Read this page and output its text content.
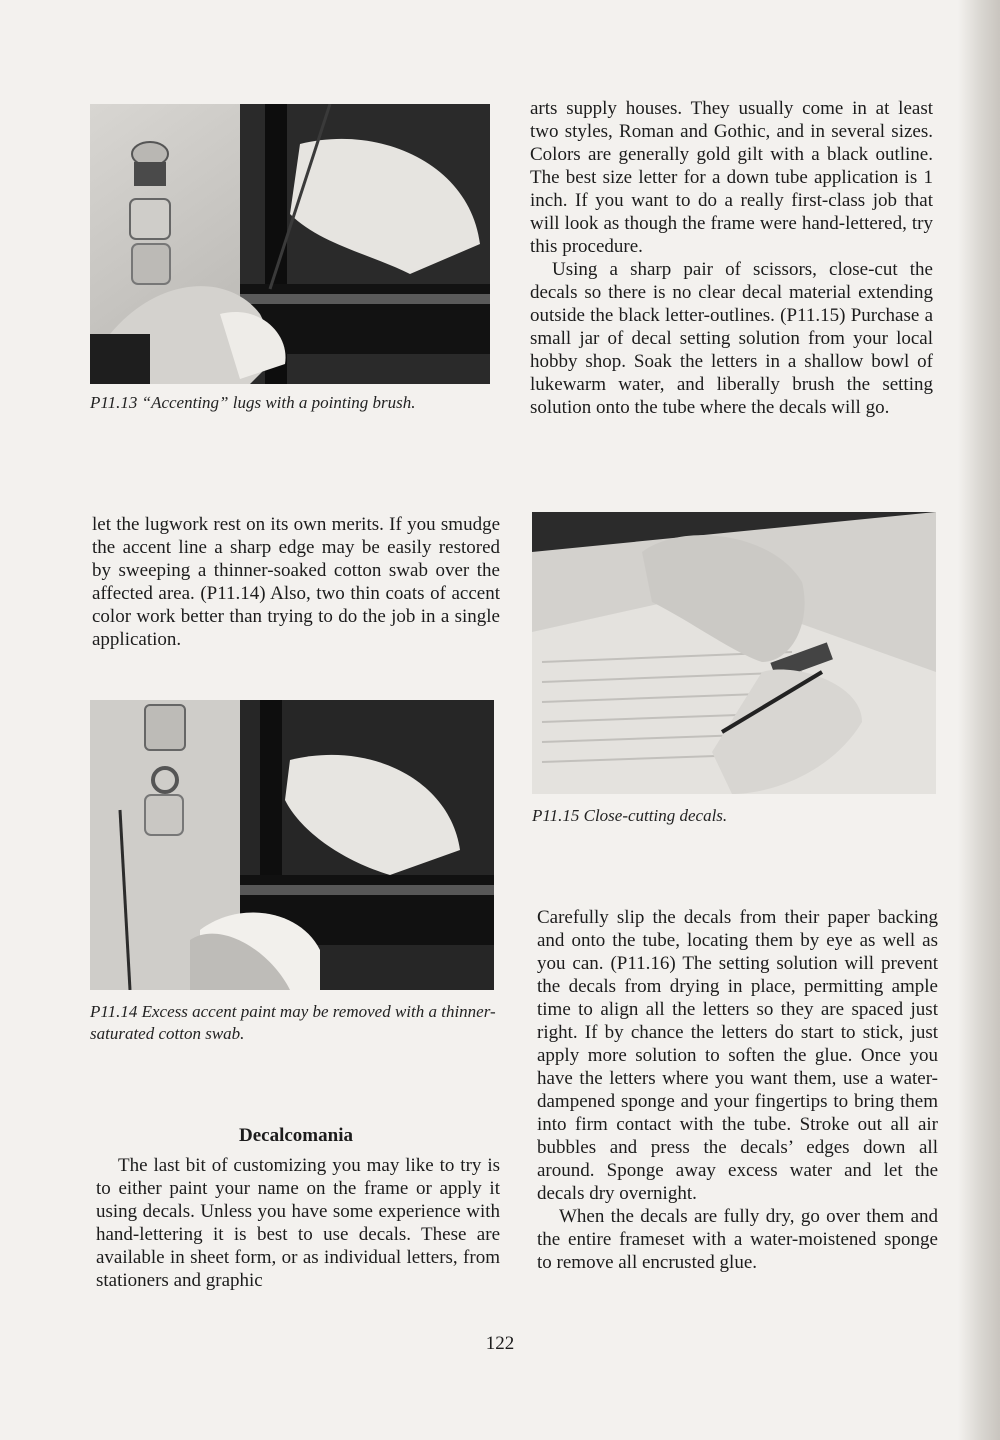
P11.13 “Accenting” lugs with a pointing brush.

arts supply houses. They usually come in at least two styles, Roman and Gothic, and in several sizes. Colors are generally gold gilt with a black outline. The best size letter for a down tube application is 1 inch. If you want to do a really first-class job that will look as though the frame were hand-lettered, try this procedure.

Using a sharp pair of scissors, close-cut the decals so there is no clear decal material extending outside the black letter-outlines. (P11.15) Purchase a small jar of decal setting solution from your local hobby shop. Soak the letters in a shallow bowl of lukewarm water, and liberally brush the setting solution onto the tube where the decals will go.

let the lugwork rest on its own merits. If you smudge the accent line a sharp edge may be easily restored by sweeping a thinner-soaked cotton swab over the affected area. (P11.14) Also, two thin coats of accent color work better than trying to do the job in a single application.

P11.15 Close-cutting decals.
P11.14 Excess accent paint may be removed with a thinner-saturated cotton swab.
Decalcomania

The last bit of customizing you may like to try is to either paint your name on the frame or apply it using decals. Unless you have some experience with hand-lettering it is best to use decals. These are available in sheet form, or as individual letters, from stationers and graphic

Carefully slip the decals from their paper backing and onto the tube, locating them by eye as well as you can. (P11.16) The setting solution will prevent the decals from drying in place, permitting ample time to align all the letters so they are spaced just right. If by chance the letters do start to stick, just apply more solution to soften the glue. Once you have the letters where you want them, use a water-dampened sponge and your fingertips to bring them into firm contact with the tube. Stroke out all air bubbles and press the decals’ edges down all around. Sponge away excess water and let the decals dry overnight.

When the decals are fully dry, go over them and the entire frameset with a water-moistened sponge to remove all encrusted glue.

122
